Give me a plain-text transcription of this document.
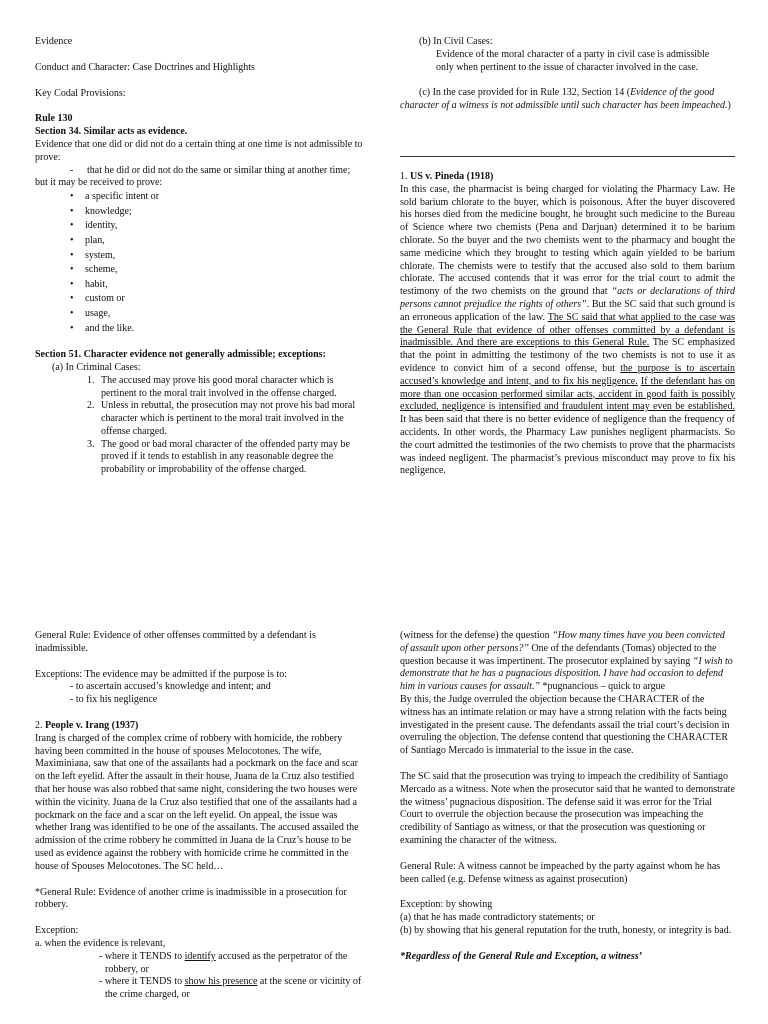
Evidence

Conduct and Character: Case Doctrines and Highlights

Key Codal Provisions:

Rule 130

Section 34. Similar acts as evidence.

Evidence that one did or did not do a certain thing at one time is not admissible to prove:

- that he did or did not do the same or similar thing at another time;

but it may be received to prove:

• a specific intent or
• knowledge;
• identity,
• plan,
• system,
• scheme,
• habit,
• custom or
• usage,
• and the like.

Section 51. Character evidence not generally admissible; exceptions:

(a) In Criminal Cases:

1. The accused may prove his good moral character which is pertinent to the moral trait involved in the offense charged.
2. Unless in rebuttal, the prosecution may not prove his bad moral character which is pertinent to the moral trait involved in the offense charged.
3. The good or bad moral character of the offended party may be proved if it tends to establish in any reasonable degree the probability or improbability of the offense charged.

(b) In Civil Cases:

Evidence of the moral character of a party in civil case is admissible only when pertinent to the issue of character involved in the case.

(c) In the case provided for in Rule 132, Section 14 (Evidence of the good character of a witness is not admissible until such character has been impeached.)

1. US v. Pineda (1918)

In this case, the pharmacist is being charged for violating the Pharmacy Law. He sold barium chlorate to the buyer, which is poisonous. After the buyer discovered his horses died from the medicine bought, he brought such medicine to the Bureau of Science where two chemists (Pena and Darjuan) determined it to be barium chlorate. So the buyer and the two chemists went to the pharmacy and bought the same medicine which they brought to testing which again yielded to be barium chlorate. The chemists were to testify that the accused also sold to them barium chlorate. The accused contends that it was error for the trial court to admit the testimony of the two chemists on the ground that “acts or declarations of third persons cannot prejudice the rights of others”. But the SC said that such ground is an erroneous application of the law. The SC said that what applied to the case was the General Rule that evidence of other offenses committed by a defendant is inadmissible. And there are exceptions to this General Rule. The SC emphasized that the point in admitting the testimony of the two chemists is not to use it as evidence to convict him of a second offense, but the purpose is to ascertain accused’s knowledge and intent, and to fix his negligence. If the defendant has on more than one occasion performed similar acts, accident in good faith is possibly excluded, negligence is intensified and fraudulent intent may even be established. It has been said that there is no better evidence of negligence than the frequency of accidents. In other words, the Pharmacy Law punishes negligent pharmacists. So the court admitted the testimonies of the two chemists to prove that the pharmacists was indeed negligent. The pharmacist’s previous misconduct may prove to fix his negligence.

General Rule: Evidence of other offenses committed by a defendant is inadmissible.

Exceptions: The evidence may be admitted if the purpose is to:

- to ascertain accused’s knowledge and intent; and

- to fix his negligence

2. People v. Irang (1937)

Irang is charged of the complex crime of robbery with homicide, the robbery having been committed in the house of spouses Melocotones. The wife, Maximiniana, saw that one of the assailants had a pockmark on the face and scar on the left eyelid. After the assault in their house, Juana de la Cruz also testified that her house was also robbed that same night, considering the two houses were within the vicinity. Juana de la Cruz also testified that one of the assailants had a pockmark on the face and a scar on the left eyelid. On appeal, the issue was whether Irang was identified to be one of the assailants. The accused assailed the admission of the crime robbery he committed in Juana de la Cruz’s house to be used as evidence against the robbery with homicide crime he committed in the house of Spouses Melocotones. The SC held…

*General Rule: Evidence of another crime is inadmissible in a prosecution for robbery.

Exception:

a. when the evidence is relevant,

- where it TENDS to identify accused as the perpetrator of the robbery, or

- where it TENDS to show his presence at the scene or vicinity of the crime charged, or

(witness for the defense) the question “How many times have you been convicted of assault upon other persons?” One of the defendants (Tomas) objected to the question because it was impertinent. The prosecutor explained by saying “I wish to demonstrate that he has a pugnacious disposition. I have had occasion to defend him in various causes for assault.” *pugnancious – quick to argue

By this, the Judge overruled the objection because the CHARACTER of the witness has an intimate relation or may have a strong relation with the facts being investigated in the present cause. The defendants assail the trial court’s decision in overruling the objection. The defense contend that questioning the CHARACTER of Santiago Mercado is immaterial to the issue in the case.

The SC said that the prosecution was trying to impeach the credibility of Santiago Mercado as a witness. Note when the prosecutor said that he wanted to demonstrate the witness’ pugnacious disposition. The defense said it was error for the Trial Court to overrule the objection because the prosecution was impeaching the credibility of Santiago as witness, or that the prosecution was questioning or examining the character of the witness.

General Rule: A witness cannot be impeached by the party against whom he has been called (e.g. Defense witness as against prosecution)

Exception: by showing

(a) that he has made contradictory statements; or

(b) by showing that his general reputation for the truth, honesty, or integrity is bad.

*Regardless of the General Rule and Exception, a witness’
